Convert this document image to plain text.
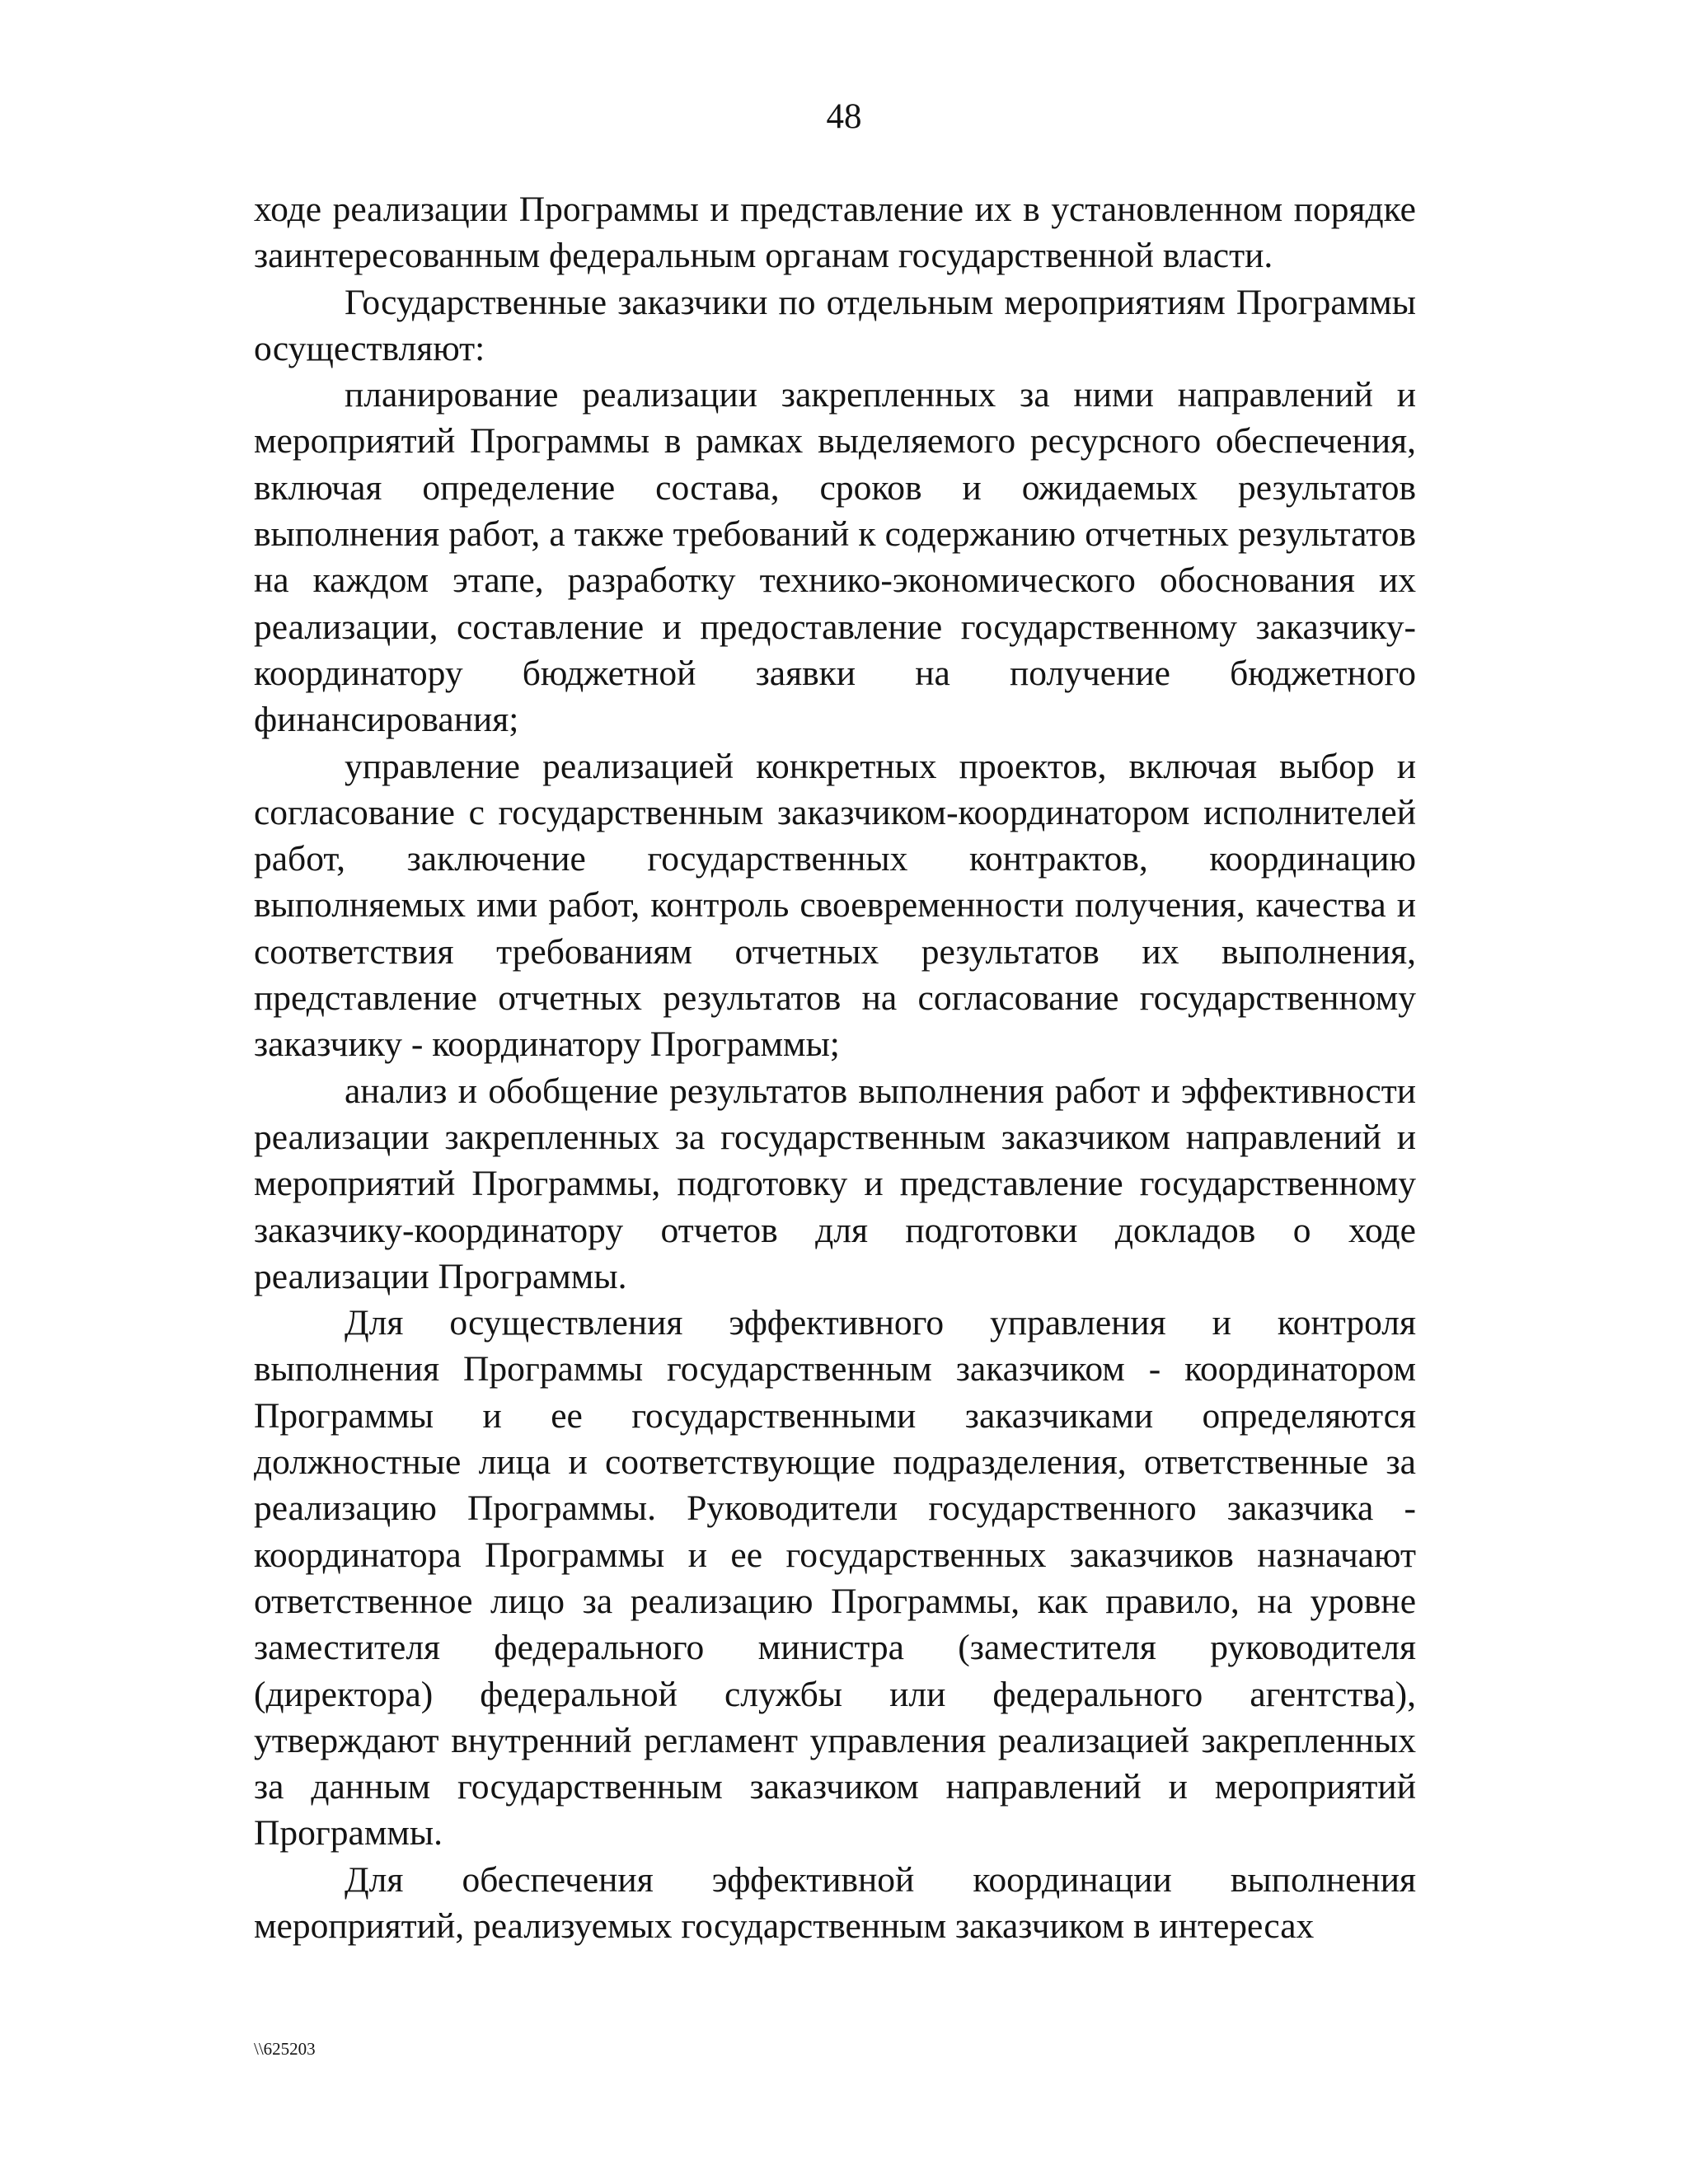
48

ходе реализации Программы и представление их в установленном порядке заинтересованным федеральным органам государственной власти.

Государственные заказчики по отдельным мероприятиям Программы осуществляют:

планирование реализации закрепленных за ними направлений и мероприятий Программы в рамках выделяемого ресурсного обеспечения, включая определение состава, сроков и ожидаемых результатов выполнения работ, а также требований к содержанию отчетных результатов на каждом этапе, разработку технико-экономического обоснования их реализации, составление и предоставление государственному заказчику-координатору бюджетной заявки на получение бюджетного финансирования;

управление реализацией конкретных проектов, включая выбор и согласование с государственным заказчиком-координатором исполнителей работ, заключение государственных контрактов, координацию выполняемых ими работ, контроль своевременности получения, качества и соответствия требованиям отчетных результатов их выполнения, представление отчетных результатов на согласование государственному заказчику - координатору Программы;

анализ и обобщение результатов выполнения работ и эффективности реализации закрепленных за государственным заказчиком направлений и мероприятий Программы, подготовку и представление государственному заказчику-координатору отчетов для подготовки докладов о ходе реализации Программы.

Для осуществления эффективного управления и контроля выполнения Программы государственным заказчиком - координатором Программы и ее государственными заказчиками определяются должностные лица и соответствующие подразделения, ответственные за реализацию Программы. Руководители государственного заказчика - координатора Программы и ее государственных заказчиков назначают ответственное лицо за реализацию Программы, как правило, на уровне заместителя федерального министра (заместителя руководителя (директора) федеральной службы или федерального агентства), утверждают внутренний регламент управления реализацией закрепленных за данным государственным заказчиком направлений и мероприятий Программы.

Для обеспечения эффективной координации выполнения мероприятий, реализуемых государственным заказчиком в интересах

\\625203
